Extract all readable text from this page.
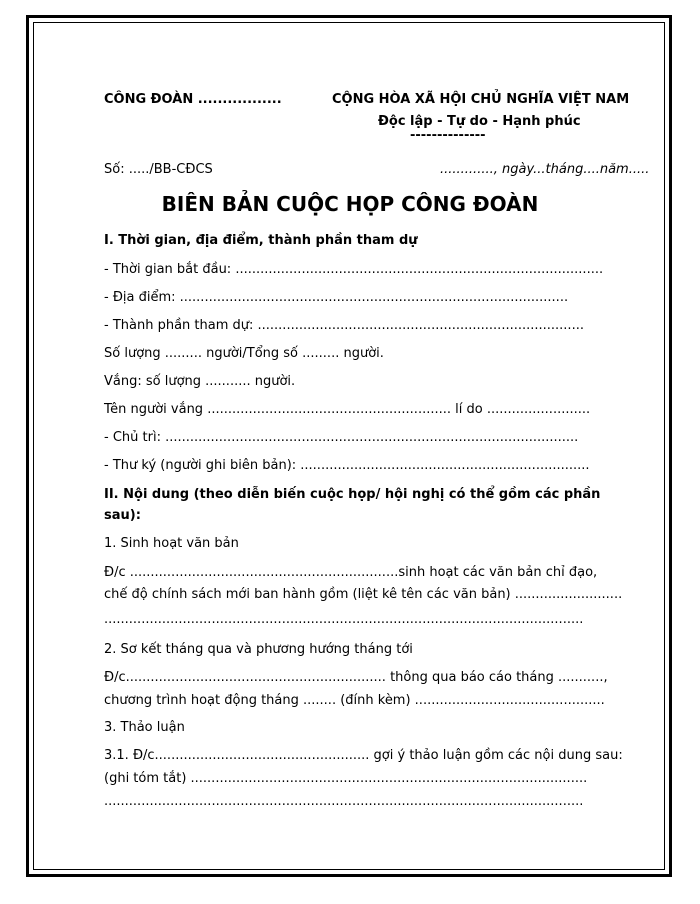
CÔNG ĐOÀN .................	CỘNG HÒA XÃ HỘI CHỦ NGHĨA VIỆT NAM
Độc lập - Tự do - Hạnh phúc
--------------
Số: ...../BB-CĐCS	............., ngày...tháng....năm.....
BIÊN BẢN CUỘC HỌP CÔNG ĐOÀN
I. Thời gian, địa điểm, thành phần tham dự
- Thời gian bắt đầu: .........................................................................................
- Địa điểm: ..............................................................................................
- Thành phần tham dự: ...............................................................................
Số lượng ......... người/Tổng số ......... người.
Vắng: số lượng ........... người.
Tên người vắng ........................................................... lí do .........................
- Chủ trì: ....................................................................................................
- Thư ký (người ghi biên bản): ......................................................................
II. Nội dung (theo diễn biến cuộc họp/ hội nghị có thể gồm các phần
sau):
1. Sinh hoạt văn bản
Đ/c .................................................................sinh hoạt các văn bản chỉ đạo,
chế độ chính sách mới ban hành gồm (liệt kê tên các văn bản) ..........................
....................................................................................................................
2. Sơ kết tháng qua và phương hướng tháng tới
Đ/c............................................................... thông qua báo cáo tháng ...........,
chương trình hoạt động tháng ........ (đính kèm) ..............................................
3. Thảo luận
3.1. Đ/c.................................................... gợi ý thảo luận gồm các nội dung sau:
(ghi tóm tắt) ................................................................................................
....................................................................................................................
